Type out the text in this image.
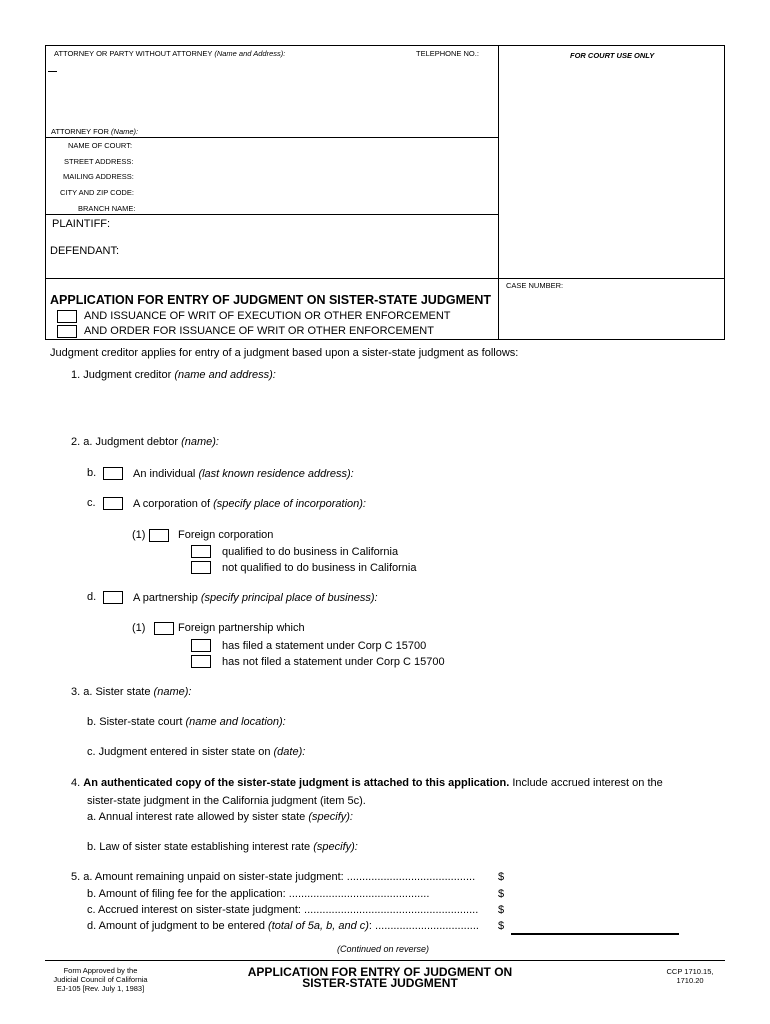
ATTORNEY OR PARTY WITHOUT ATTORNEY (Name and Address):	TELEPHONE NO.:	FOR COURT USE ONLY
ATTORNEY FOR (Name):
NAME OF COURT:
STREET ADDRESS:
MAILING ADDRESS:
CITY AND ZIP CODE:
BRANCH NAME:
PLAINTIFF:
DEFENDANT:
CASE NUMBER:
APPLICATION FOR ENTRY OF JUDGMENT ON SISTER-STATE JUDGMENT
AND ISSUANCE OF WRIT OF EXECUTION OR OTHER ENFORCEMENT
AND ORDER FOR ISSUANCE OF WRIT OR OTHER ENFORCEMENT
Judgment creditor applies for entry of a judgment based upon a sister-state judgment as follows:
1. Judgment creditor (name and address):
2. a. Judgment debtor (name):
b.	An individual (last known residence address):
c.	A corporation of (specify place of incorporation):
(1)	Foreign corporation
qualified to do business in California
not qualified to do business in California
d.	A partnership (specify principal place of business):
(1)	Foreign partnership which
has filed a statement under Corp C 15700
has not filed a statement under Corp C 15700
3. a. Sister state (name):
b. Sister-state court (name and location):
c. Judgment entered in sister state on (date):
4. An authenticated copy of the sister-state judgment is attached to this application. Include accrued interest on the
sister-state judgment in the California judgment (item 5c).
a. Annual interest rate allowed by sister state (specify):
b. Law of sister state establishing interest rate (specify):
5. a. Amount remaining unpaid on sister-state judgment: .......................................... $
b. Amount of filing fee for the application: ..............................................	$
c. Accrued interest on sister-state judgment: ......................................................... $
d. Amount of judgment to be entered (total of 5a, b, and c): .................................. $
(Continued on reverse)
Form Approved by the
Judicial Council of California
EJ-105 [Rev. July 1, 1983]
APPLICATION FOR ENTRY OF JUDGMENT ON
SISTER-STATE JUDGMENT
CCP 1710.15,
1710.20
